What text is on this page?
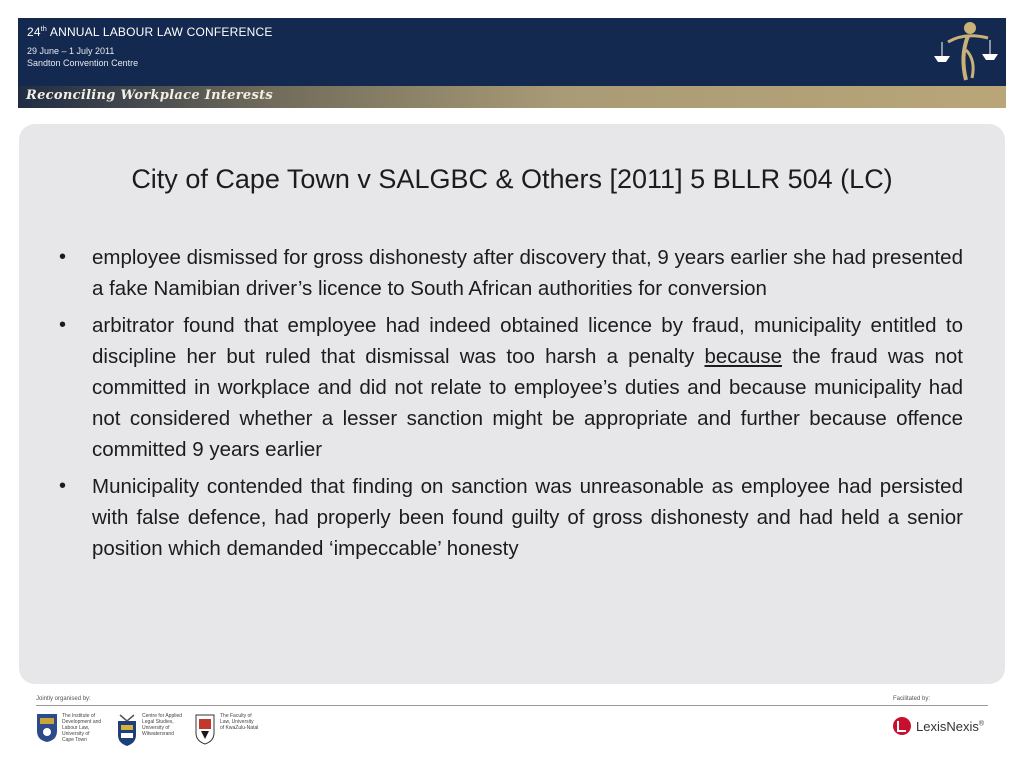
24th ANNUAL LABOUR LAW CONFERENCE
29 June – 1 July 2011
Sandton Convention Centre
Reconciling Workplace Interests
City of Cape Town v SALGBC & Others [2011] 5 BLLR 504 (LC)
• employee dismissed for gross dishonesty after discovery that, 9 years earlier she had presented a fake Namibian driver’s licence to South African authorities for conversion
• arbitrator found that employee had indeed obtained licence by fraud, municipality entitled to discipline her but ruled that dismissal was too harsh a penalty because the fraud was not committed in workplace and did not relate to employee’s duties and because municipality had not considered whether a lesser sanction might be appropriate and further because offence committed 9 years earlier
• Municipality contended that finding on sanction was unreasonable as employee had persisted with false defence, had properly been found guilty of gross dishonesty and had held a senior position which demanded ‘impeccable’ honesty
Jointly organised by:	Facilitated by:
The Institute of
Development and
Labour Law,
University of
Cape Town
Centre for Applied
Legal Studies,
University of
Witwatersrand
The Faculty of
Law, University
of KwaZulu-Natal	LexisNexis®
